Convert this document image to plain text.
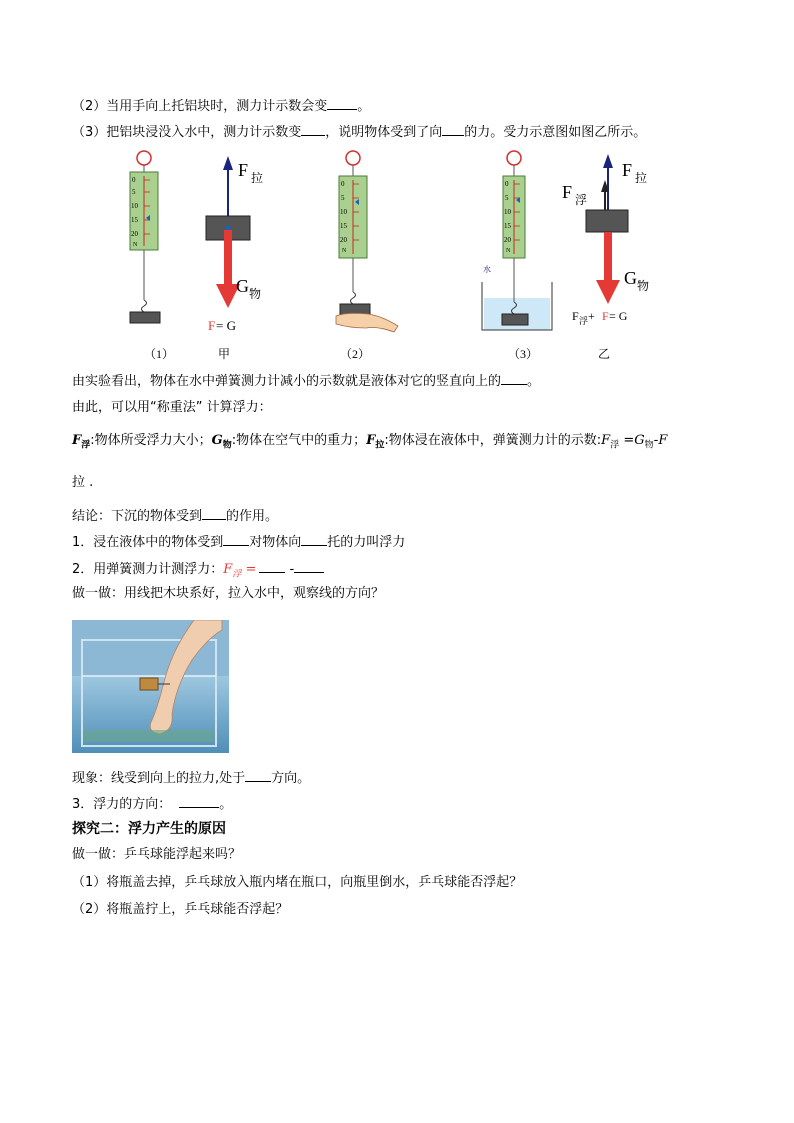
（2）当用手向上托铝块时，测力计示数会变 。
（3）把铝块浸没入水中，测力计示数变 ，说明物体受到了向 的力。受力示意图如图乙所示。
0
5
10
15
20
N
F 拉
G 物
F = G
0
5
10
15
20
N
0
5
10
15
20
N
水
F 拉
F 浮
G 物
F 浮 + F = G
（1）	甲	（2）	（3）	乙
由实验看出，物体在水中弹簧测力计减小的示数就是液体对它的竖直向上的 。
由此，可以用“称重法” 计算浮力：
$F_浮$:物体所受浮力大小；$G_物$:物体在空气中的重力；$F_拉$:物体浸在液体中，弹簧测力计的示数$:F_浮 =G_物-F$
拉 .
结论：下沉的物体受到 的作用。
1．浸在液体中的物体受到 对物体向 托的力叫浮力
2．用弹簧测力计测浮力：$F_浮$ = -
做一做：用线把木块系好，拉入水中，观察线的方向？
现象：线受到向上的拉力,处于 方向。
3．浮力的方向：	。
探究二：浮力产生的原因
做一做：乒乓球能浮起来吗？
（1）将瓶盖去掉，乒乓球放入瓶内堵在瓶口，向瓶里倒水，乒乓球能否浮起？
（2）将瓶盖拧上，乒乓球能否浮起？
